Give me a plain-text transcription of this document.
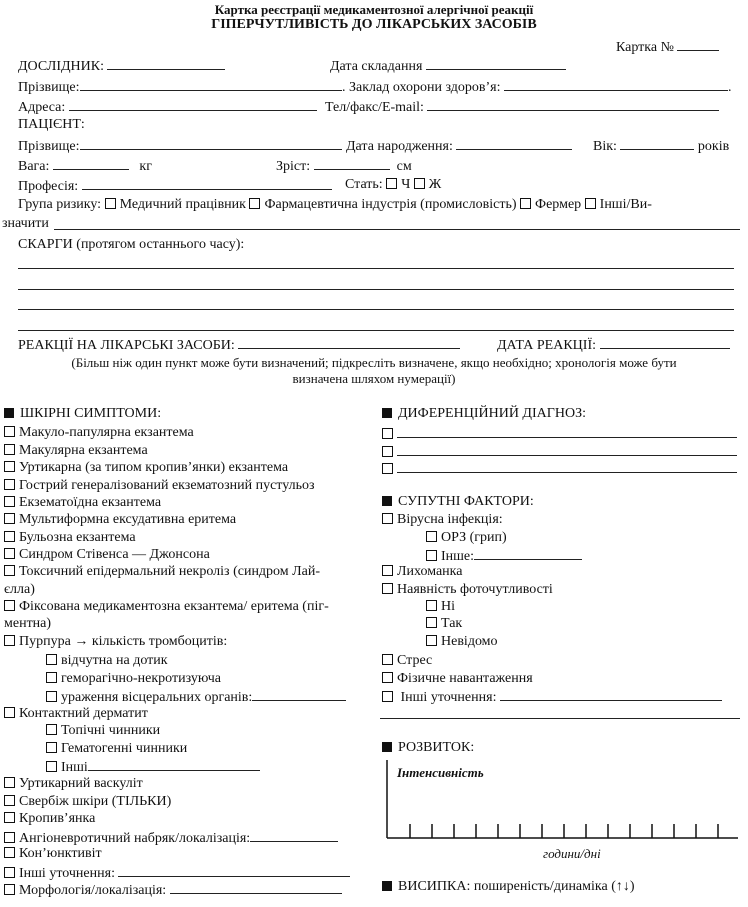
Картка реєстрації медикаментозної алергічної реакції
ГІПЕРЧУТЛИВІСТЬ ДО ЛІКАРСЬКИХ ЗАСОБІВ
Картка №
ДОСЛІДНИК:	Дата складання
Прізвище:	. Заклад охорони здоров’я:	.
Адреса:	Тел/факс/E-mail:
ПАЦІЄНТ:
Прізвище:	Дата народження:	Вік:	років
Вага:	кг	Зріст:	см
Професія:	Стать: Ч Ж
Група ризику: Медичний працівник Фармацевтична індустрія (промисловість) Фермер Інші/Ви-
значити
СКАРГИ (протягом останнього часу):
РЕАКЦІЇ НА ЛІКАРСЬКІ ЗАСОБИ:	ДАТА РЕАКЦІЇ:
(Більш ніж один пункт може бути визначений; підкресліть визначене, якщо необхідно; хронологія може бути
визначена шляхом нумерації)
ШКІРНІ СИМПТОМИ:
Макуло-папулярна екзантема
Макулярна екзантема
Уртикарна (за типом кропив’янки) екзантема
Гострий генералізований екзематозний пустульоз
Екзематоїдна екзантема
Мультиформна ексудативна еритема
Бульозна екзантема
Синдром Стівенса — Джонсона
Токсичний епідермальний некроліз (синдром Лай-
єлла)
Фіксована медикаментозна екзантема/ еритема (піг-
ментна)
Пурпура → кількість тромбоцитів:
відчутна на дотик
геморагічно-некротизуюча
ураження вісцеральних органів:
Контактний дерматит
Топічні чинники
Гематогенні чинники
Інші
Уртикарний васкуліт
Свербіж шкіри (ТІЛЬКИ)
Кропив’янка
Ангіоневротичний набряк/локалізація:
Кон’юнктивіт
Інші уточнення:
Морфологія/локалізація:
ДИФЕРЕНЦІЙНИЙ ДІАГНОЗ:
СУПУТНІ ФАКТОРИ:
Вірусна інфекція:
ОРЗ (грип)
Інше:
Лихоманка
Наявність фоточутливості
Ні
Так
Невідомо
Стрес
Фізичне навантаження
Інші уточнення:
РОЗВИТОК:
Інтенсивність
години/дні
ВИСИПКА: поширеність/динаміка (↑↓)
